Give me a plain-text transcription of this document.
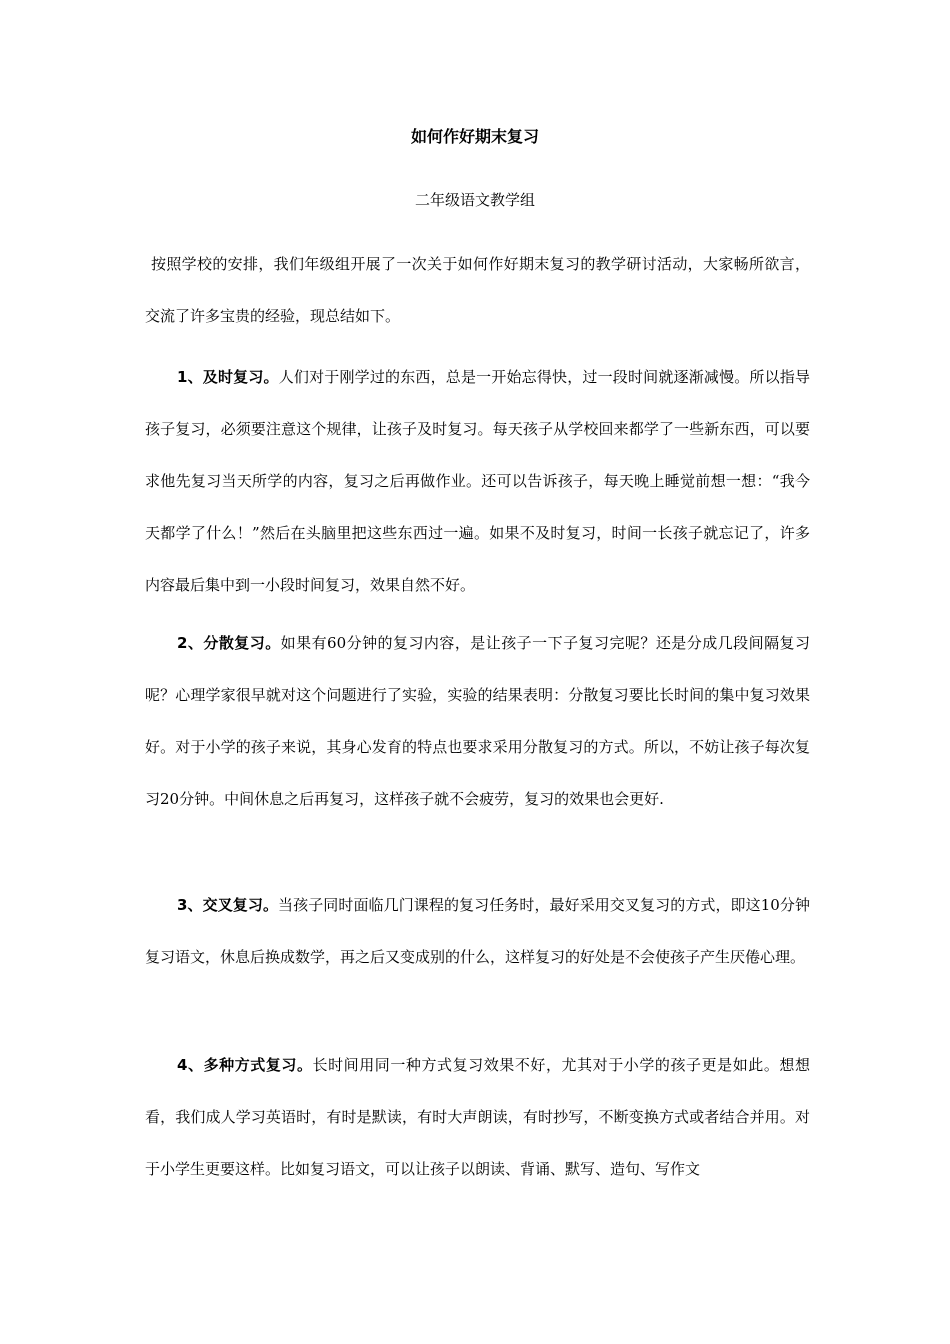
如何作好期末复习
二年级语文教学组

按照学校的安排，我们年级组开展了一次关于如何作好期末复习的教学研讨活动，大家畅所欲言，交流了许多宝贵的经验，现总结如下。

1、及时复习。人们对于刚学过的东西，总是一开始忘得快，过一段时间就逐渐减慢。所以指导孩子复习，必须要注意这个规律，让孩子及时复习。每天孩子从学校回来都学了一些新东西，可以要求他先复习当天所学的内容，复习之后再做作业。还可以告诉孩子，每天晚上睡觉前想一想：“我今天都学了什么！”然后在头脑里把这些东西过一遍。如果不及时复习，时间一长孩子就忘记了，许多内容最后集中到一小段时间复习，效果自然不好。

2、分散复习。如果有60分钟的复习内容，是让孩子一下子复习完呢？还是分成几段间隔复习呢？心理学家很早就对这个问题进行了实验，实验的结果表明：分散复习要比长时间的集中复习效果好。对于小学的孩子来说，其身心发育的特点也要求采用分散复习的方式。所以，不妨让孩子每次复习20分钟。中间休息之后再复习，这样孩子就不会疲劳，复习的效果也会更好.

3、交叉复习。当孩子同时面临几门课程的复习任务时，最好采用交叉复习的方式，即这10分钟复习语文，休息后换成数学，再之后又变成别的什么，这样复习的好处是不会使孩子产生厌倦心理。

4、多种方式复习。长时间用同一种方式复习效果不好，尤其对于小学的孩子更是如此。想想看，我们成人学习英语时，有时是默读，有时大声朗读，有时抄写，不断变换方式或者结合并用。对于小学生更要这样。比如复习语文，可以让孩子以朗读、背诵、默写、造句、写作文
